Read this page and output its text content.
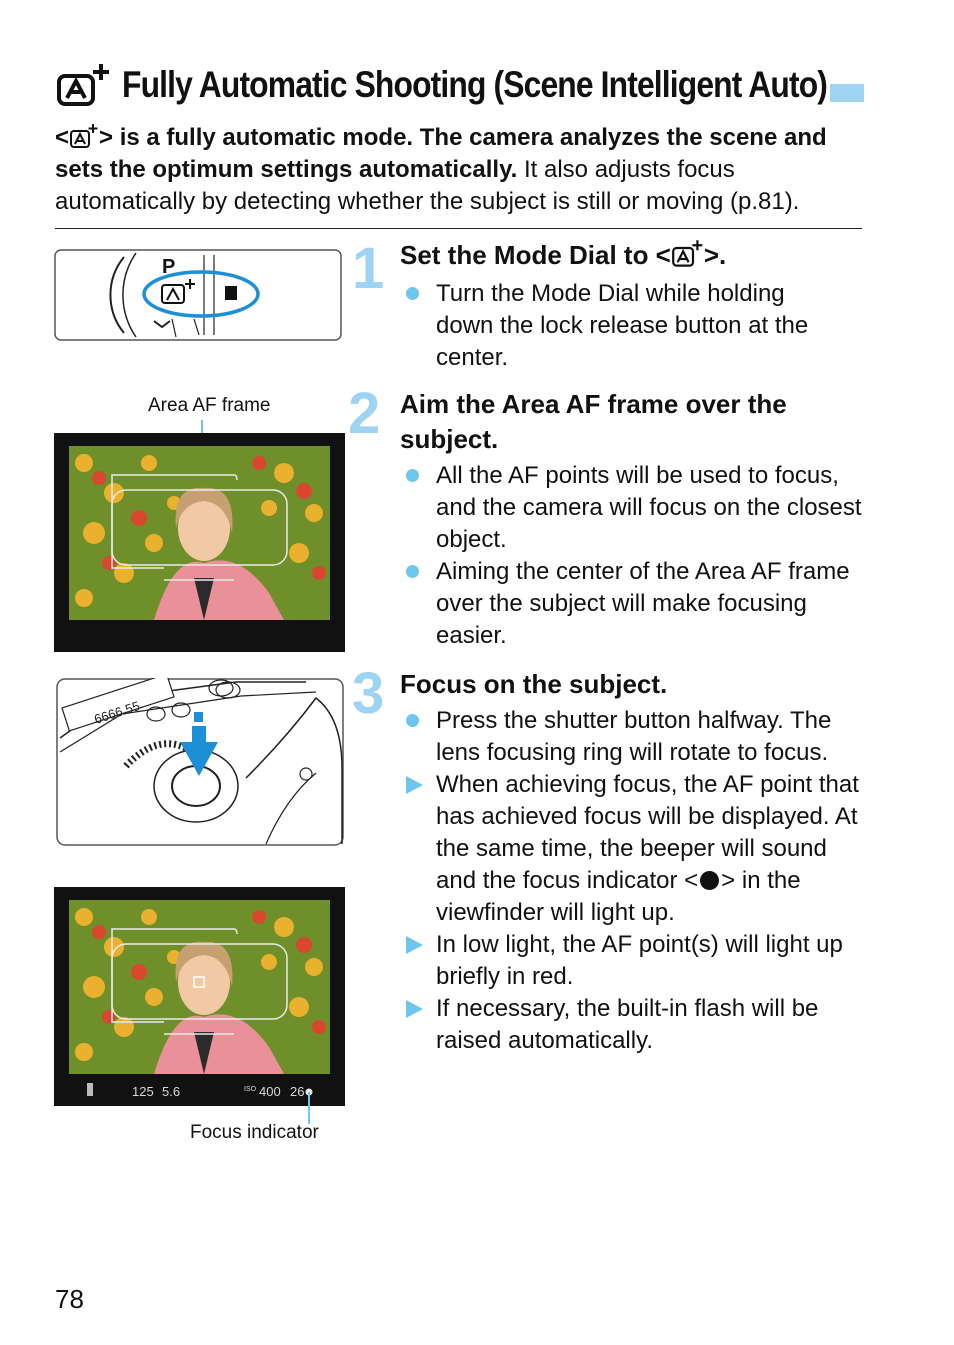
Fully Automatic Shooting (Scene Intelligent Auto)
< > is a fully automatic mode. The camera analyzes the scene and sets the optimum settings automatically. It also adjusts focus automatically by detecting whether the subject is still or moving (p.81).
P
Area AF frame
6666.55
125 5.6	ISO 400 26
Focus indicator
1 Set the Mode Dial to < >.
Turn the Mode Dial while holding down the lock release button at the center.
2 Aim the Area AF frame over the subject.
All the AF points will be used to focus, and the camera will focus on the closest object.
Aiming the center of the Area AF frame over the subject will make focusing easier.
3 Focus on the subject.
Press the shutter button halfway. The lens focusing ring will rotate to focus.
When achieving focus, the AF point that has achieved focus will be displayed. At the same time, the beeper will sound and the focus indicator < > in the viewfinder will light up.
In low light, the AF point(s) will light up briefly in red.
If necessary, the built-in flash will be raised automatically.
78
